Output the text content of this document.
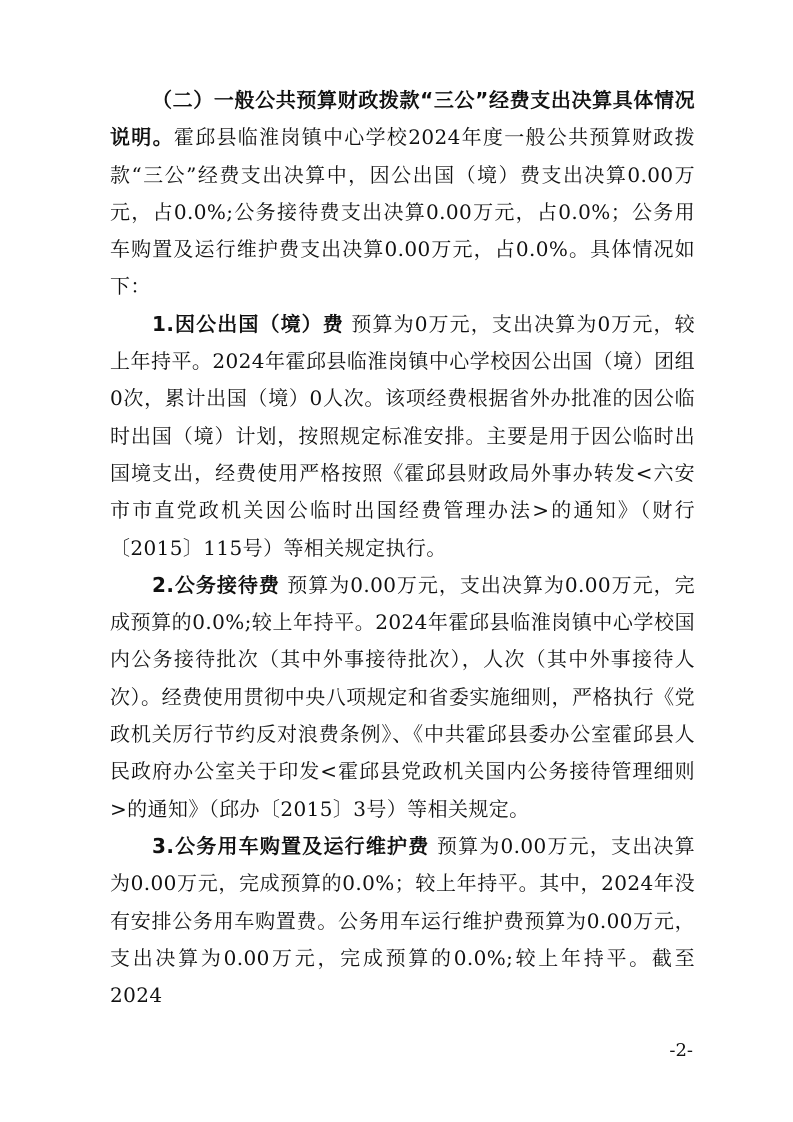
（二）一般公共预算财政拨款“三公”经费支出决算具体情况说明。霍邱县临淮岗镇中心学校2024年度一般公共预算财政拨款“三公”经费支出决算中，因公出国（境）费支出决算0.00万元，占0.0%;公务接待费支出决算0.00万元，占0.0%；公务用车购置及运行维护费支出决算0.00万元，占0.0%。具体情况如下：

1.因公出国（境）费 预算为0万元，支出决算为0万元，较上年持平。2024年霍邱县临淮岗镇中心学校因公出国（境）团组0次，累计出国（境）0人次。该项经费根据省外办批准的因公临时出国（境）计划，按照规定标准安排。主要是用于因公临时出国境支出，经费使用严格按照《霍邱县财政局外事办转发<六安市市直党政机关因公临时出国经费管理办法>的通知》（财行〔2015〕115号）等相关规定执行。

2.公务接待费 预算为0.00万元，支出决算为0.00万元，完成预算的0.0%;较上年持平。2024年霍邱县临淮岗镇中心学校国内公务接待批次（其中外事接待批次），人次（其中外事接待人次）。经费使用贯彻中央八项规定和省委实施细则，严格执行《党政机关厉行节约反对浪费条例》、《中共霍邱县委办公室霍邱县人民政府办公室关于印发<霍邱县党政机关国内公务接待管理细则>的通知》（邱办〔2015〕3号）等相关规定。

3.公务用车购置及运行维护费 预算为0.00万元，支出决算为0.00万元，完成预算的0.0%；较上年持平。其中，2024年没有安排公务用车购置费。公务用车运行维护费预算为0.00万元，支出决算为0.00万元，完成预算的0.0%;较上年持平。截至2024

-2-
